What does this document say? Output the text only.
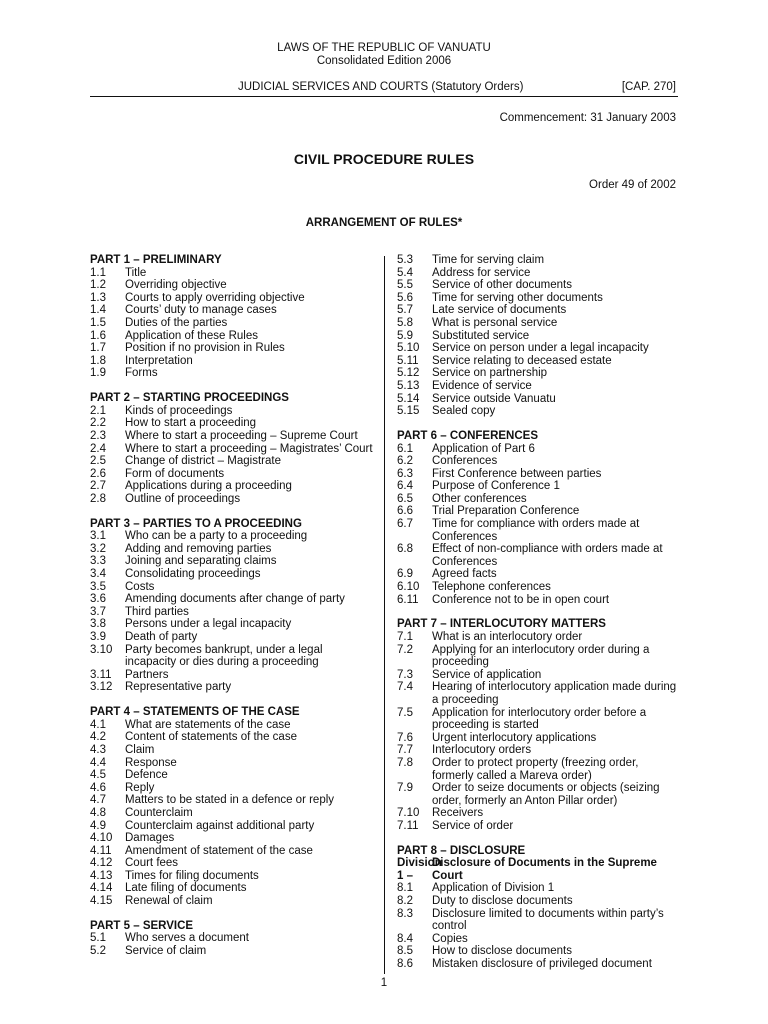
LAWS OF THE REPUBLIC OF VANUATU
Consolidated Edition 2006
JUDICIAL SERVICES AND COURTS (Statutory Orders)	[CAP. 270]
Commencement: 31 January 2003
CIVIL PROCEDURE RULES
Order 49 of 2002
ARRANGEMENT OF RULES*
PART 1 – PRELIMINARY
1.1	Title
1.2	Overriding objective
1.3	Courts to apply overriding objective
1.4	Courts’ duty to manage cases
1.5	Duties of the parties
1.6	Application of these Rules
1.7	Position if no provision in Rules
1.8	Interpretation
1.9	Forms
PART 2 – STARTING PROCEEDINGS
2.1	Kinds of proceedings
2.2	How to start a proceeding
2.3	Where to start a proceeding – Supreme Court
2.4	Where to start a proceeding – Magistrates’ Court
2.5	Change of district – Magistrate
2.6	Form of documents
2.7	Applications during a proceeding
2.8	Outline of proceedings
PART 3 – PARTIES TO A PROCEEDING
3.1	Who can be a party to a proceeding
3.2	Adding and removing parties
3.3	Joining and separating claims
3.4	Consolidating proceedings
3.5	Costs
3.6	Amending documents after change of party
3.7	Third parties
3.8	Persons under a legal incapacity
3.9	Death of party
3.10	Party becomes bankrupt, under a legal incapacity or dies during a proceeding
3.11	Partners
3.12	Representative party
PART 4 – STATEMENTS OF THE CASE
4.1	What are statements of the case
4.2	Content of statements of the case
4.3	Claim
4.4	Response
4.5	Defence
4.6	Reply
4.7	Matters to be stated in a defence or reply
4.8	Counterclaim
4.9	Counterclaim against additional party
4.10	Damages
4.11	Amendment of statement of the case
4.12	Court fees
4.13	Times for filing documents
4.14	Late filing of documents
4.15	Renewal of claim
PART 5 – SERVICE
5.1	Who serves a document
5.2	Service of claim
5.3	Time for serving claim
5.4	Address for service
5.5	Service of other documents
5.6	Time for serving other documents
5.7	Late service of documents
5.8	What is personal service
5.9	Substituted service
5.10	Service on person under a legal incapacity
5.11	Service relating to deceased estate
5.12	Service on partnership
5.13	Evidence of service
5.14	Service outside Vanuatu
5.15	Sealed copy
PART 6 – CONFERENCES
6.1	Application of Part 6
6.2	Conferences
6.3	First Conference between parties
6.4	Purpose of Conference 1
6.5	Other conferences
6.6	Trial Preparation Conference
6.7	Time for compliance with orders made at Conferences
6.8	Effect of non-compliance with orders made at Conferences
6.9	Agreed facts
6.10	Telephone conferences
6.11	Conference not to be in open court
PART 7 – INTERLOCUTORY MATTERS
7.1	What is an interlocutory order
7.2	Applying for an interlocutory order during a proceeding
7.3	Service of application
7.4	Hearing of interlocutory application made during a proceeding
7.5	Application for interlocutory order before a proceeding is started
7.6	Urgent interlocutory applications
7.7	Interlocutory orders
7.8	Order to protect property (freezing order, formerly called a Mareva order)
7.9	Order to seize documents or objects (seizing order, formerly an Anton Pillar order)
7.10	Receivers
7.11	Service of order
PART 8 – DISCLOSURE
Division 1 –
Disclosure of Documents in the Supreme Court
8.1	Application of Division 1
8.2	Duty to disclose documents
8.3	Disclosure limited to documents within party’s control
8.4	Copies
8.5	How to disclose documents
8.6	Mistaken disclosure of privileged document
1
